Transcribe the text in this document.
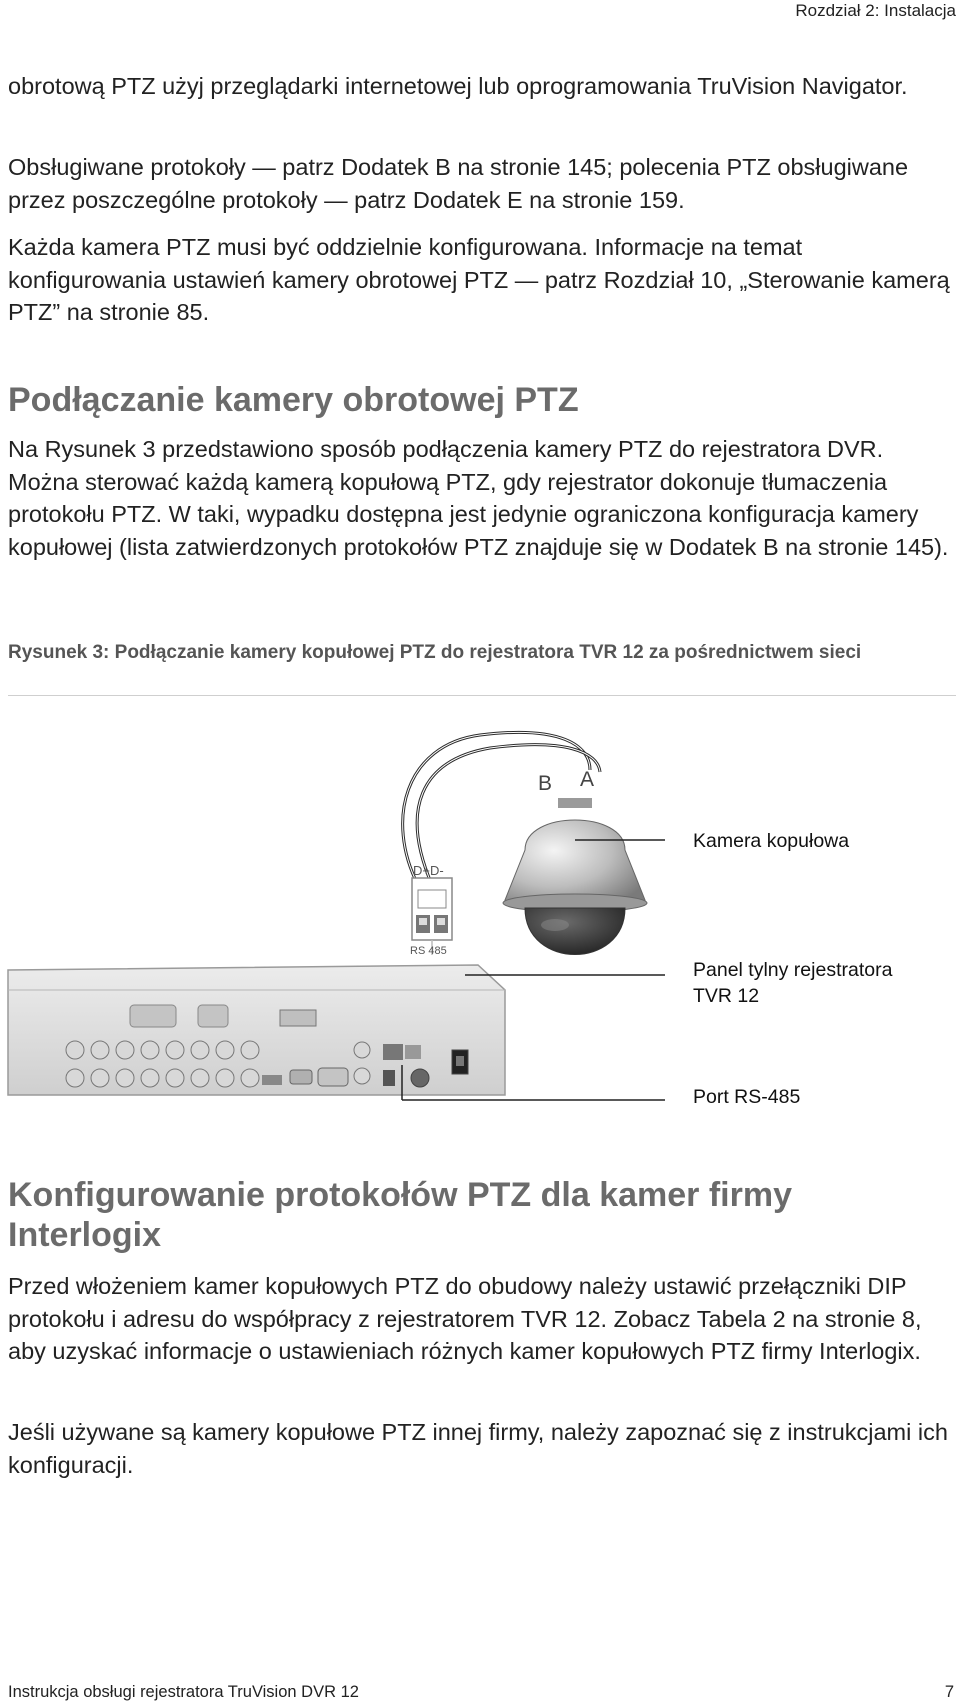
Rozdział 2: Instalacja

obrotową PTZ użyj przeglądarki internetowej lub oprogramowania TruVision Navigator.

Obsługiwane protokoły — patrz Dodatek B na stronie 145; polecenia PTZ obsługiwane przez poszczególne protokoły — patrz Dodatek E na stronie 159.

Każda kamera PTZ musi być oddzielnie konfigurowana. Informacje na temat konfigurowania ustawień kamery obrotowej PTZ — patrz Rozdział 10, „Sterowanie kamerą PTZ” na stronie 85.

Podłączanie kamery obrotowej PTZ

Na Rysunek 3 przedstawiono sposób podłączenia kamery PTZ do rejestratora DVR. Można sterować każdą kamerą kopułową PTZ, gdy rejestrator dokonuje tłumaczenia protokołu PTZ. W taki, wypadku dostępna jest jedynie ograniczona konfiguracja kamery kopułowej (lista zatwierdzonych protokołów PTZ znajduje się w Dodatek B na stronie 145).

Rysunek 3: Podłączanie kamery kopułowej PTZ do rejestratora TVR 12 za pośrednictwem sieci

B A
D+D-
RS 485
Kamera kopułowa
Panel tylny rejestratora
TVR 12
Port RS-485
Konfigurowanie protokołów PTZ dla kamer firmy Interlogix

Przed włożeniem kamer kopułowych PTZ do obudowy należy ustawić przełączniki DIP protokołu i adresu do współpracy z rejestratorem TVR 12. Zobacz Tabela 2 na stronie 8, aby uzyskać informacje o ustawieniach różnych kamer kopułowych PTZ firmy Interlogix.

Jeśli używane są kamery kopułowe PTZ innej firmy, należy zapoznać się z instrukcjami ich konfiguracji.

Instrukcja obsługi rejestratora TruVision DVR 12	7
